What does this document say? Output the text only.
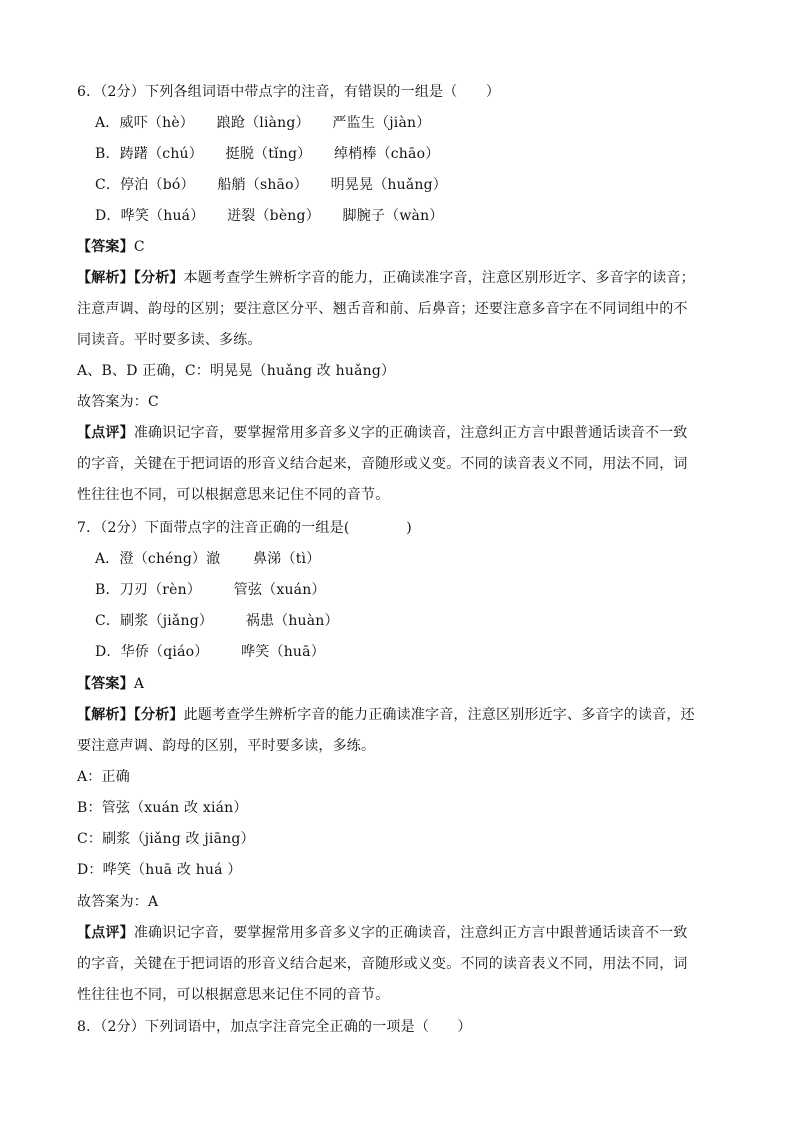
6．（2分）下列各组词语中带点字的注音，有错误的一组是（　　）
A．威吓（hè） 踉跄（liàng） 严监生（jiàn）
B．踌躇（chú） 挺脱（tǐng） 绰梢棒（chāo）
C．停泊（bó） 船艄（shāo） 明晃晃（huǎng）
D．哗笑（huá） 迸裂（bèng） 脚腕子（wàn）
【答案】C
【解析】【分析】本题考查学生辨析字音的能力，正确读准字音，注意区别形近字、多音字的读音；
注意声调、韵母的区别；要注意区分平、翘舌音和前、后鼻音；还要注意多音字在不同词组中的不
同读音。平时要多读、多练。
A、B、D 正确，C：明晃晃（huǎng 改 huǎng）
故答案为：C
【点评】准确识记字音，要掌握常用多音多义字的正确读音，注意纠正方言中跟普通话读音不一致
的字音，关键在于把词语的形音义结合起来，音随形或义变。不同的读音表义不同，用法不同，词
性往往也不同，可以根据意思来记住不同的音节。
7．（2分）下面带点字的注音正确的一组是(　　　　)
A．澄（chéng）澈 鼻涕（tì）
B．刀刃（rèn） 管弦（xuán）
C．刷浆（jiǎng） 祸患（huàn）
D．华侨（qiáo） 哗笑（huā）
【答案】A
【解析】【分析】此题考查学生辨析字音的能力正确读准字音，注意区别形近字、多音字的读音，还
要注意声调、韵母的区别，平时要多读，多练。
A：正确
B：管弦（xuán 改 xián）
C：刷浆（jiǎng 改 jiāng）
D：哗笑（huā 改 huá ）
故答案为：A
【点评】准确识记字音，要掌握常用多音多义字的正确读音，注意纠正方言中跟普通话读音不一致
的字音，关键在于把词语的形音义结合起来，音随形或义变。不同的读音表义不同，用法不同，词
性往往也不同，可以根据意思来记住不同的音节。
8．（2分）下列词语中，加点字注音完全正确的一项是（　　）
